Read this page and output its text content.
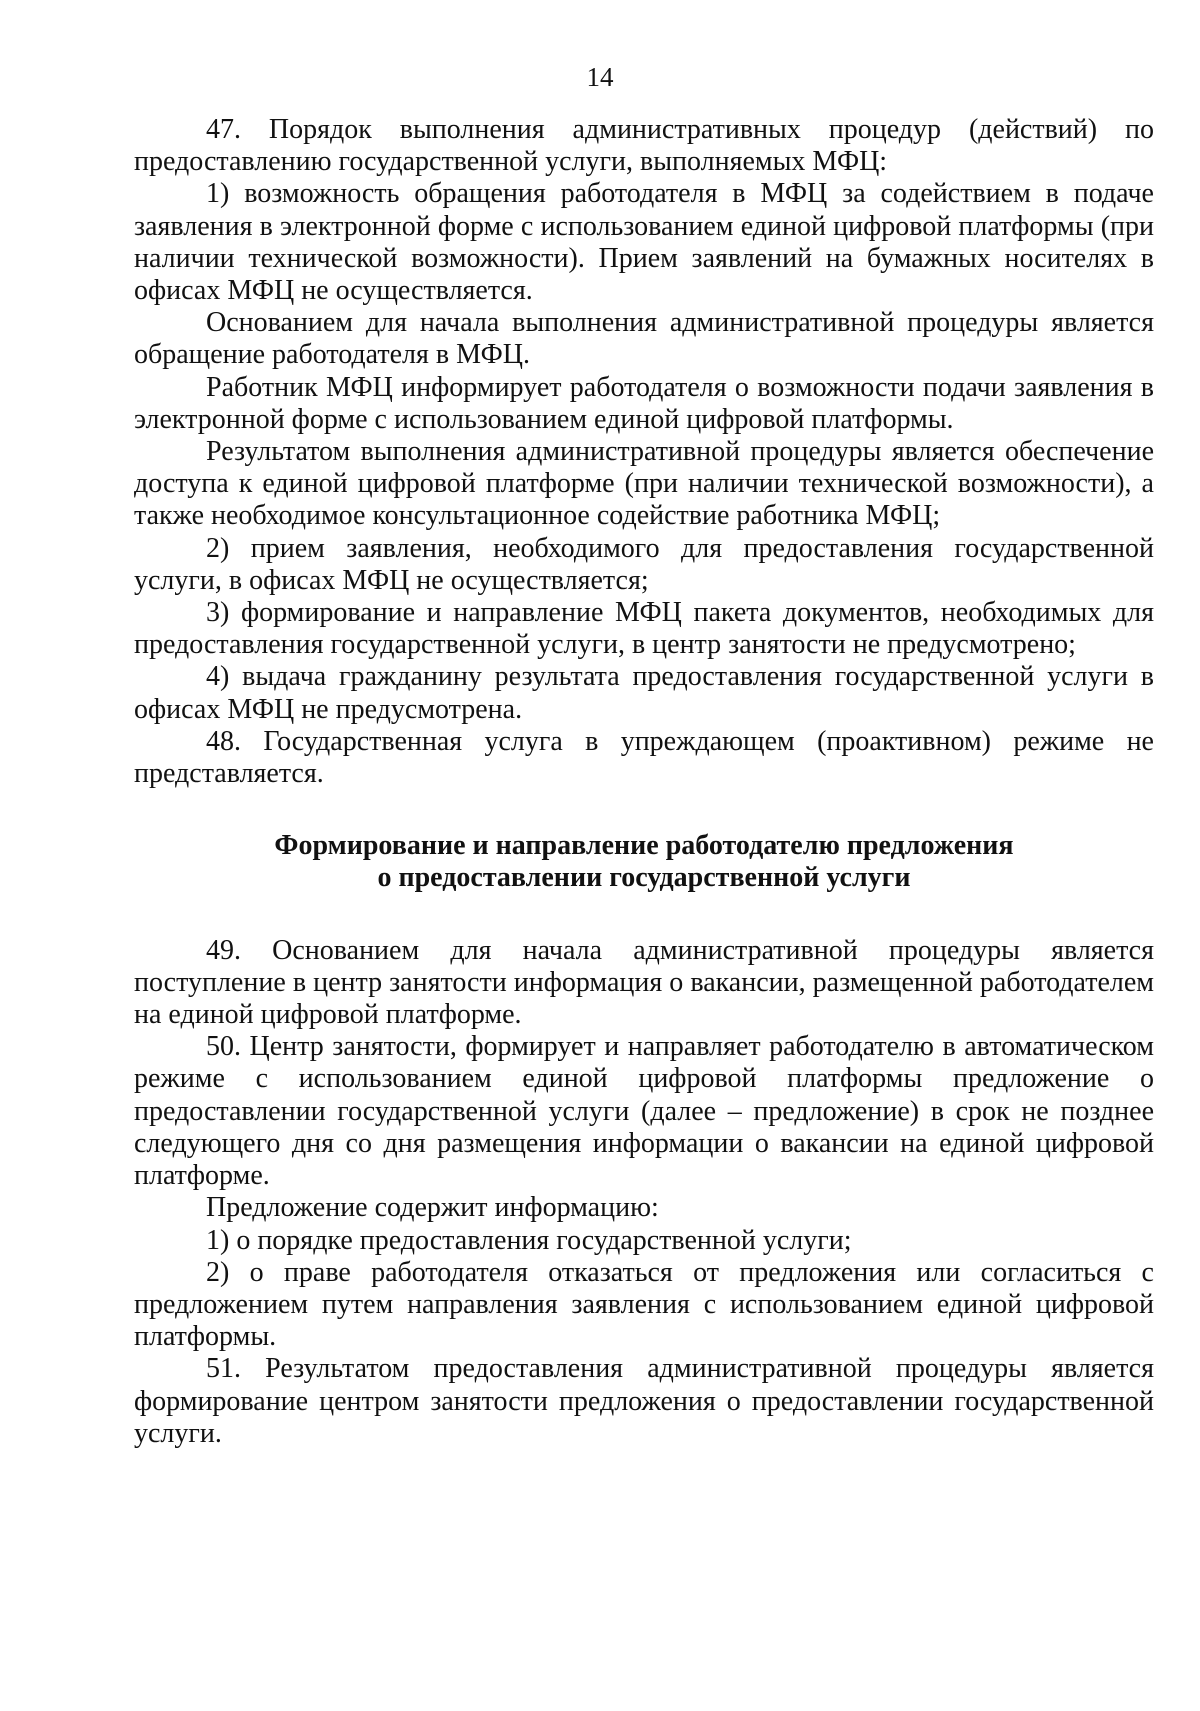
14

47. Порядок выполнения административных процедур (действий) по предоставлению государственной услуги, выполняемых МФЦ:

1) возможность обращения работодателя в МФЦ за содействием в подаче заявления в электронной форме с использованием единой цифровой платформы (при наличии технической возможности). Прием заявлений на бумажных носителях в офисах МФЦ не осуществляется.

Основанием для начала выполнения административной процедуры является обращение работодателя в МФЦ.

Работник МФЦ информирует работодателя о возможности подачи заявления в электронной форме с использованием единой цифровой платформы.

Результатом выполнения административной процедуры является обеспечение доступа к единой цифровой платформе (при наличии технической возможности), а также необходимое консультационное содействие работника МФЦ;

2) прием заявления, необходимого для предоставления государственной услуги, в офисах МФЦ не осуществляется;

3) формирование и направление МФЦ пакета документов, необходимых для предоставления государственной услуги, в центр занятости не предусмотрено;

4) выдача гражданину результата предоставления государственной услуги в офисах МФЦ не предусмотрена.

48. Государственная услуга в упреждающем (проактивном) режиме не представляется.

Формирование и направление работодателю предложения
о предоставлении государственной услуги

49. Основанием для начала административной процедуры является поступление в центр занятости информация о вакансии, размещенной работодателем на единой цифровой платформе.

50. Центр занятости, формирует и направляет работодателю в автоматическом режиме с использованием единой цифровой платформы предложение о предоставлении государственной услуги (далее – предложение) в срок не позднее следующего дня со дня размещения информации о вакансии на единой цифровой платформе.

Предложение содержит информацию:

1) о порядке предоставления государственной услуги;

2) о праве работодателя отказаться от предложения или согласиться с предложением путем направления заявления с использованием единой цифровой платформы.

51. Результатом предоставления административной процедуры является формирование центром занятости предложения о предоставлении государственной услуги.
